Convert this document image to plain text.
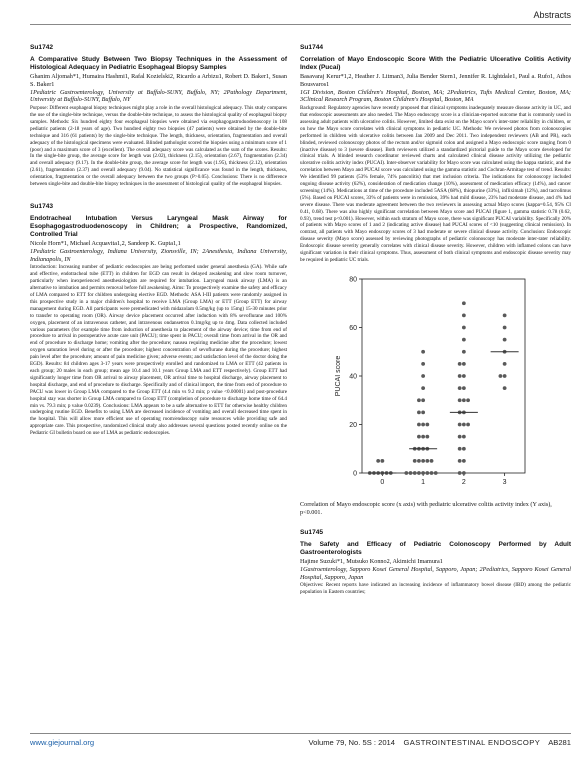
Abstracts

Su1742

A Comparative Study Between Two Biopsy Techniques in the Assessment of Histological Adequacy in Pediatric Esophageal Biopsy Samples

Ghanim Aljomah*1, Humaira Hashmi1, Rafal Kozielski2, Ricardo a Arbizu1, Robert D. Baker1, Susan S. Baker1

1Pediatric Gastroenterology, University at Buffalo-SUNY, Buffalo, NY; 2Pathology Department, University at Buffalo-SUNY, Buffalo, NY

Purpose: Different esophageal biopsy techniques might play a role in the overall histological adequacy. This study compares the use of the single-bite technique, versus the double-bite technique, to assess the histological quality of esophageal biopsy samples. Methods: Six hundred eighty four esophageal biopsies were obtained via esophagogastroduodenoscopy in 108 pediatric patients (2-18 years of age). Two hundred eighty two biopsies (47 patients) were obtained by the double-bite technique and 316 (61 patients) by the single-bite technique. The length, thickness, orientation, fragmentation and overall adequacy of the histological specimens were evaluated. Blinded pathologist scored the biopsies using a minimum score of 1 (poor) and a maximum score of 3 (excellent). The overall adequacy score was calculated as the sum of the scores. Results: In the single-bite group, the average score for length was (2.02), thickness (2.15), orientation (2.67), fragmentation (2.34) and overall adequacy (9.17). In the double-bite group, the average score for length was (1.95), thickness (2.12), orientation (2.61), fragmentation (2.37) and overall adequacy (9.04). No statistical significance was found in the length, thickness, orientation, fragmentation or the overall adequacy between the two groups (P>0.05). Conclusions: There is no difference between single-bite and double-bite biopsy techniques in the assessment of histological quality of the esophageal biopsies.

Su1743

Endotracheal Intubation Versus Laryngeal Mask Airway for Esophagogastroduodenoscopy in Children; a Prospective, Randomized, Controlled Trial

Nicole Horn*1, Michael Acquavita1,2, Sandeep K. Gupta1,1

1Pediatric Gastroenterology, Indiana University, Zionsville, IN; 2Anesthesia, Indiana University, Indianapolis, IN

Introduction: Increasing number of pediatric endoscopies are being performed under general anesthesia (GA). While safe and effective, endotracheal tube (ETT) in children for EGD can result in delayed awakening and slow room turnover, particularly when inexperienced anesthesiologists are required for intubation. Laryngeal mask airway (LMA) is an alternative to intubation and permits removal before full awakening. Aims: To prospectively examine the safety and efficacy of LMA compared to ETT for children undergoing elective EGD. Methods: ASA I-III patients were randomly assigned in this prospective study in a major children's hospital to receive LMA (Group LMA) or ETT (Group ETT) for airway management during EGD. All participants were premedicated with midazolam 0.5mg/kg (up to 15mg) 15-30 minutes prior to transfer to operating room (OR). Airway device placement occurred after induction with 8% sevoflurane and 100% oxygen, placement of an intravenous catheter, and intravenous ondansetron 0.1mg/kg up to 4mg. Data collected included various parameters (for example time from induction of anesthesia to placement of the airway device; time from end of procedure to arrival in postoperative acute care unit (PACU); time spent in PACU; overall time from arrival in the OR and end of procedure to discharge home; vomiting after the procedure; nausea requiring medicine after the procedure; lowest oxygen saturation level during or after the procedure; highest concentration of sevoflurane during the procedure; highest pain level after the procedure; amount of pain medicine given; adverse events; and satisfaction level of the doctor doing the EGD). Results: 84 children ages 3-17 years were prospectively enrolled and randomized to LMA or ETT (42 patients in each group; 20 males in each group; mean age 10.4 and 10.1 years Group LMA and ETT respectively). Group ETT had significantly longer time from OR arrival to airway placement, OR arrival time to hospital discharge, airway placement to hospital discharge, and end of procedure to discharge. Specifically and of clinical import, the time from end of procedure to PACU was lower in Group LMA compared to the Group ETT (4.4 min vs 9.2 min; p value <0.00001) and post-procedure hospital stay was shorter in Group LMA compared to Group ETT (completion of procedure to discharge home time of 64.4 min vs. 79.3 min; p value 0.0239). Conclusions: LMA appears to be a safe alternative to ETT for otherwise healthy children undergoing routine EGD. Benefits to using LMA are decreased incidence of vomiting and overall decreased time spent in the hospital. This will allow more efficient use of operating room/endoscopy suite resources while providing safe and appropriate care. This prospective, randomized clinical study also addresses several questions posted recently online on the Pediatric GI bulletin board on use of LMA as pediatric endoscopies.

Su1744

Correlation of Mayo Endoscopic Score With the Pediatric Ulcerative Colitis Activity Index (Pucai)

Basavaraj Kerur*1,2, Heather J. Litman3, Julia Bender Stern1, Jennifer R. Lightdale1, Paul a. Rufo1, Athos Bousvaros1

1GI Division, Boston Children's Hospital, Boston, MA; 2Pediatrics, Tufts Medical Center, Boston, MA; 3Clinical Research Program, Boston Children's Hospital, Boston, MA

Background: Regulatory agencies have recently proposed that clinical symptoms inadequately measure disease activity in UC, and that endoscopic assessments are also needed. The Mayo endoscopy score is a clinician-reported outcome that is commonly used in assessing adult patients with ulcerative colitis. However, limited data exist on the Mayo score's inter-rater reliability in children, or on how the Mayo score correlates with clinical symptoms in pediatric UC. Methods: We reviewed photos from colonoscopies performed in children with ulcerative colitis between Jan 2009 and Dec 2011. Two independent reviewers (AB and PR), each blinded, reviewed colonoscopy photos of the rectum and/or sigmoid colon and assigned a Mayo endoscopic score ranging from 0 (inactive disease) to 3 (severe disease). Both reviewers utilized a standardized pictorial guide to the Mayo score developed for clinical trials. A blinded research coordinator reviewed charts and calculated clinical disease activity utilizing the pediatric ulcerative colitis activity index (PUCAI). Inter-observer variability for Mayo score was calculated using the kappa statistic, and the correlation between Mayo and PUCAI score was calculated using the gamma statistic and Cochran-Armitage test of trend. Results: We identified 99 patients (53% female, 74% pancolitis) that met inclusion criteria. The indications for colonoscopy included ongoing disease activity (62%), consideration of medication change (10%), assessment of medication efficacy (14%), and cancer screening (14%). Medications at time of the procedure included 5ASA (68%), thiopurine (33%), infliximab (12%), and tacrolimus (5%). Based on PUCAI scores, 33% of patients were in remission, 39% had mild disease, 23% had moderate disease, and 4% had severe disease. There was moderate agreement between the two reviewers in assessing actual Mayo scores (kappa=0.54, 95% CI 0.41, 0.68). There was also highly significant correlation between Mayo score and PUCAI (figure 1, gamma statistic 0.78 (0.62, 0.93), trend test p<0.001). However, within each stratum of Mayo score, there was significant PUCAI variability. Specifically 20% of patients with Mayo scores of 1 and 2 (indicating active disease) had PUCAI scores of <10 (suggesting clinical remission). In contrast, all patients with Mayo endoscopy scores of 3 had moderate or severe clinical disease activity. Conclusion: Endoscopic disease severity (Mayo score) assessed by reviewing photographs of pediatric colonoscopy has moderate inter-rater reliability. Endoscopic disease severity generally correlates with clinical disease severity. However, children with inflamed colons can have significant variation in their clinical symptoms. Thus, assessment of both clinical symptoms and endoscopic disease severity may be required in pediatric UC trials.

0
20
40
60
80
0	1	2	3
PUCAI score

Correlation of Mayo endoscopic score (x axis) with pediatric ulcerative colitis activity index (Y axis), p<0.001.

Su1745

The Safety and Efficacy of Pediatric Colonoscopy Performed by Adult Gastroenterologists

Hajime Suzuki*1, Mutsuko Konno2, Akimichi Imamura1

1Gastroenterology, Sapporo Kosei General Hospital, Sapporo, Japan; 2Pediatrics, Sapporo Kosei General Hospital, Sapporo, Japan

Objectives: Recent reports have indicated an increasing incidence of inflammatory bowel disease (IBD) among the pediatric population in Eastern countries;

www.giejournal.org	Volume 79, No. 5S : 2014 GASTROINTESTINAL ENDOSCOPY AB281
